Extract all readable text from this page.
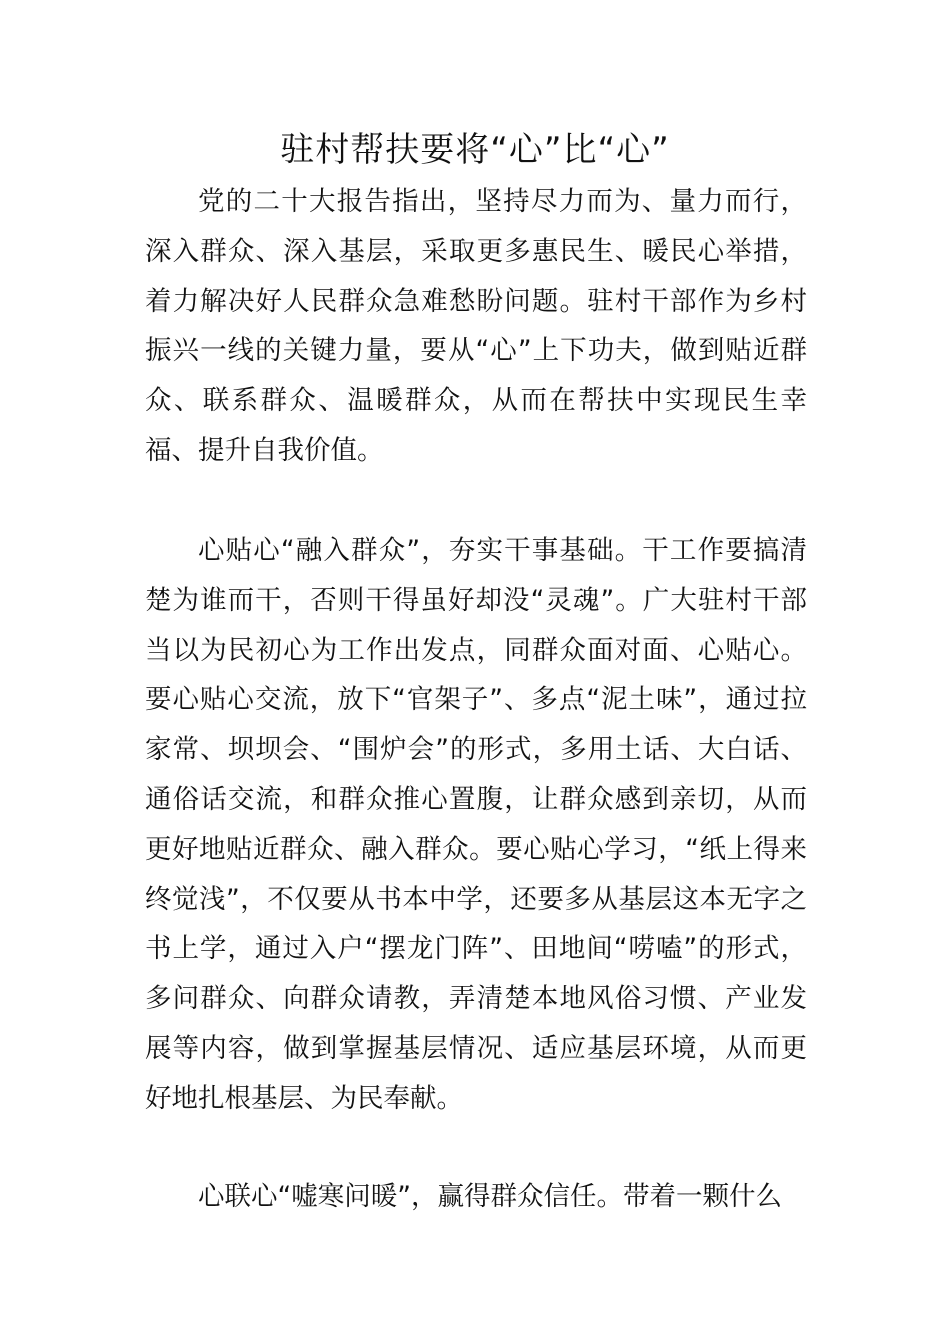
驻村帮扶要将“心”比“心”

党的二十大报告指出，坚持尽力而为、量力而行，深入群众、深入基层，采取更多惠民生、暖民心举措，着力解决好人民群众急难愁盼问题。驻村干部作为乡村振兴一线的关键力量，要从“心”上下功夫，做到贴近群众、联系群众、温暖群众，从而在帮扶中实现民生幸福、提升自我价值。

心贴心“融入群众”，夯实干事基础。干工作要搞清楚为谁而干，否则干得虽好却没“灵魂”。广大驻村干部当以为民初心为工作出发点，同群众面对面、心贴心。要心贴心交流，放下“官架子”、多点“泥土味”，通过拉家常、坝坝会、“围炉会”的形式，多用土话、大白话、通俗话交流，和群众推心置腹，让群众感到亲切，从而更好地贴近群众、融入群众。要心贴心学习，“纸上得来终觉浅”，不仅要从书本中学，还要多从基层这本无字之书上学，通过入户“摆龙门阵”、田地间“唠嗑”的形式，多问群众、向群众请教，弄清楚本地风俗习惯、产业发展等内容，做到掌握基层情况、适应基层环境，从而更好地扎根基层、为民奉献。

心联心“嘘寒问暖”，赢得群众信任。带着一颗什么
